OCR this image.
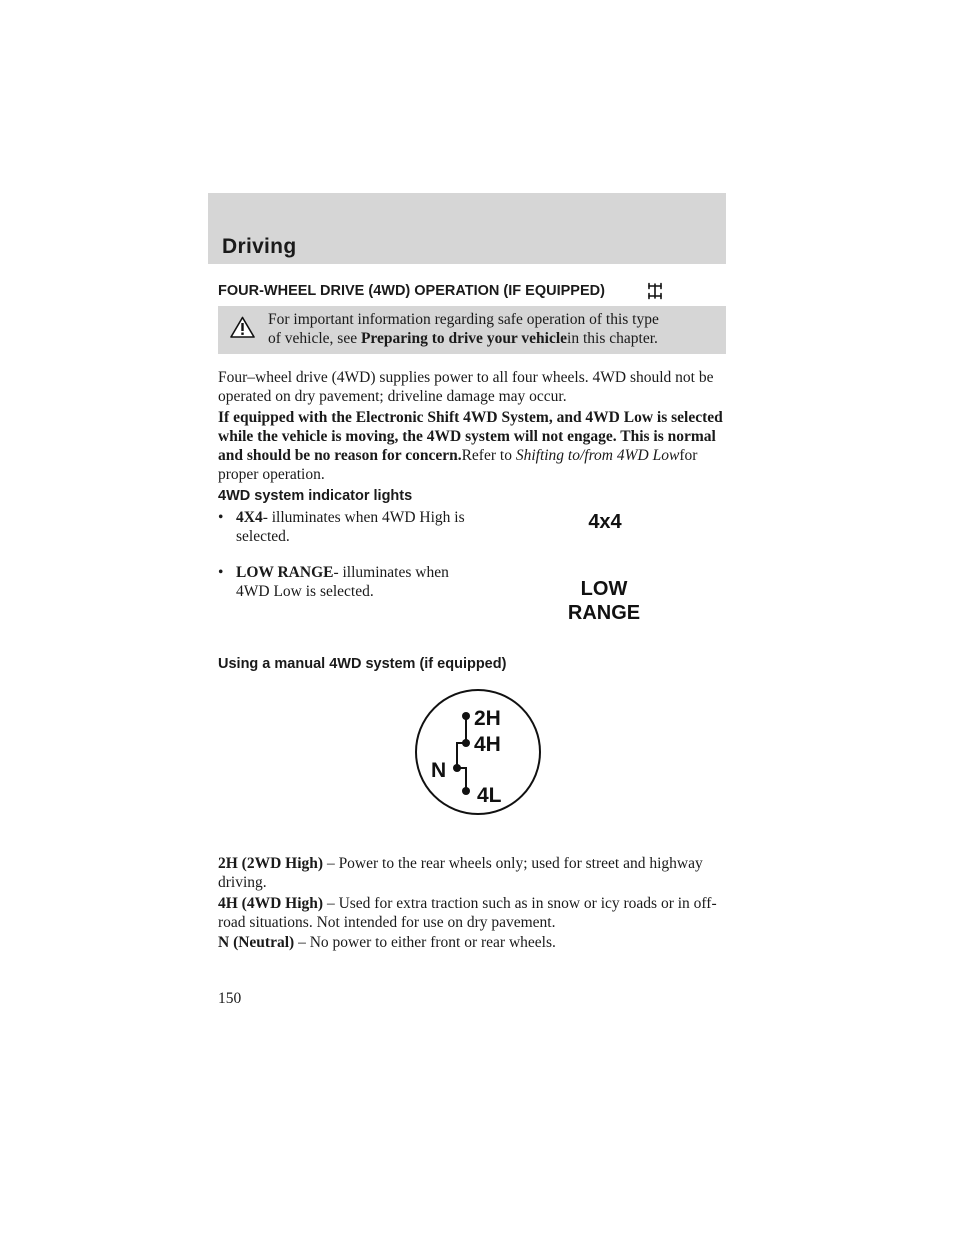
Driving
FOUR-WHEEL DRIVE (4WD) OPERATION (IF EQUIPPED)
For important information regarding safe operation of this type
of vehicle, see Preparing to drive your vehiclein this chapter.
Four–wheel drive (4WD) supplies power to all four wheels. 4WD should not be operated on dry pavement; driveline damage may occur.
If equipped with the Electronic Shift 4WD System, and 4WD Low is selected while the vehicle is moving, the 4WD system will not engage. This is normal and should be no reason for concern.Refer to Shifting to/from 4WD Lowfor proper operation.
4WD system indicator lights
• 4X4- illuminates when 4WD High is selected.
• LOW RANGE- illuminates when 4WD Low is selected.
4x4
LOW
RANGE
Using a manual 4WD system (if equipped)
2H
4H
N
4L
2H (2WD High) – Power to the rear wheels only; used for street and highway driving.
4H (4WD High) – Used for extra traction such as in snow or icy roads or in off-road situations. Not intended for use on dry pavement.
N (Neutral) – No power to either front or rear wheels.
150
